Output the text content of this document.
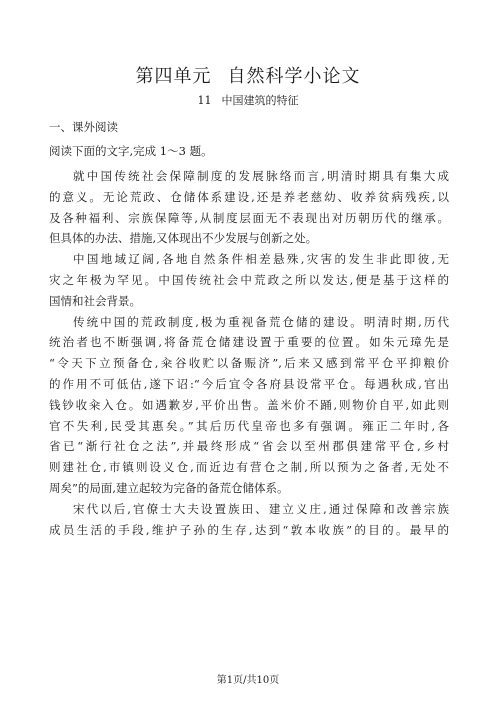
第四单元 自然科学小论文
11 中国建筑的特征
一、课外阅读
阅读下面的文字,完成 1～3 题。
就中国传统社会保障制度的发展脉络而言,明清时期具有集大成
的意义。无论荒政、仓储体系建设,还是养老慈幼、收养贫病残疾,以
及各种福利、宗族保障等,从制度层面无不表现出对历朝历代的继承。
但具体的办法、措施,又体现出不少发展与创新之处。
中国地域辽阔,各地自然条件相差悬殊,灾害的发生非此即彼,无
灾之年极为罕见。中国传统社会中荒政之所以发达,便是基于这样的
国情和社会背景。
传统中国的荒政制度,极为重视备荒仓储的建设。明清时期,历代
统治者也不断强调,将备荒仓储建设置于重要的位置。如朱元璋先是
“令天下立预备仓,籴谷收贮以备赈济”,后来又感到常平仓平抑粮价
的作用不可低估,遂下诏:“今后宜令各府县设常平仓。每遇秋成,官出
钱钞收籴入仓。如遇歉岁,平价出售。盖米价不踊,则物价自平,如此则
官不失利,民受其惠矣。”其后历代皇帝也多有强调。雍正二年时,各
省已“渐行社仓之法”,并最终形成“省会以至州郡俱建常平仓,乡村
则建社仓,市镇则设义仓,而近边有营仓之制,所以预为之备者,无处不
周矣”的局面,建立起较为完备的备荒仓储体系。
宋代以后,官僚士大夫设置族田、建立义庄,通过保障和改善宗族
成员生活的手段,维护子孙的生存,达到“敦本收族”的目的。最早的
第1页/共10页
